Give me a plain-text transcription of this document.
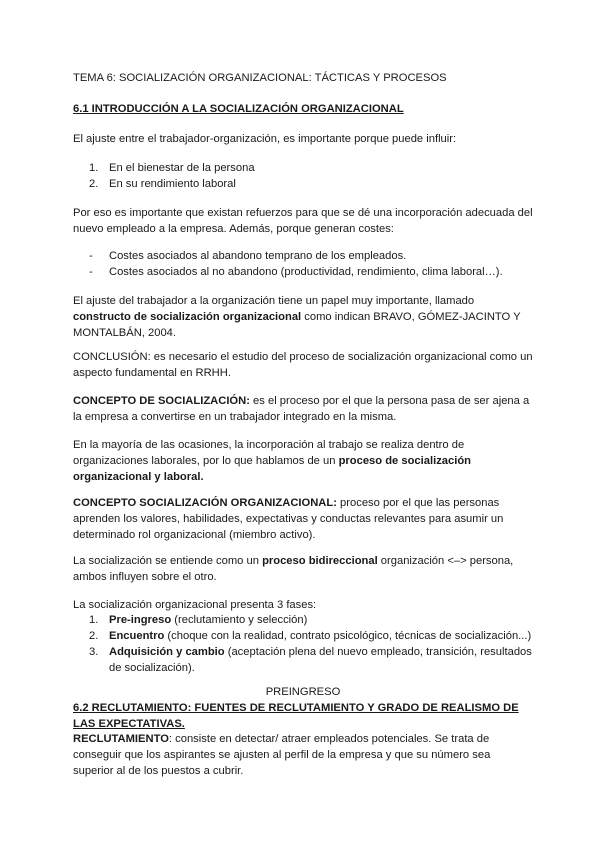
TEMA 6: SOCIALIZACIÓN ORGANIZACIONAL: TÁCTICAS Y PROCESOS

6.1 INTRODUCCIÓN A LA SOCIALIZACIÓN ORGANIZACIONAL

El ajuste entre el trabajador-organización, es importante porque puede influir:

1. En el bienestar de la persona
2. En su rendimiento laboral

Por eso es importante que existan refuerzos para que se dé una incorporación adecuada del nuevo empleado a la empresa. Además, porque generan costes:

- Costes asociados al abandono temprano de los empleados.
- Costes asociados al no abandono (productividad, rendimiento, clima laboral…).

El ajuste del trabajador a la organización tiene un papel muy importante, llamado constructo de socialización organizacional como indican BRAVO, GÓMEZ-JACINTO Y MONTALBÁN, 2004.

CONCLUSIÓN: es necesario el estudio del proceso de socialización organizacional como un aspecto fundamental en RRHH.

CONCEPTO DE SOCIALIZACIÓN: es el proceso por el que la persona pasa de ser ajena a la empresa a convertirse en un trabajador integrado en la misma.

En la mayoría de las ocasiones, la incorporación al trabajo se realiza dentro de organizaciones laborales, por lo que hablamos de un proceso de socialización organizacional y laboral.

CONCEPTO SOCIALIZACIÓN ORGANIZACIONAL: proceso por el que las personas aprenden los valores, habilidades, expectativas y conductas relevantes para asumir un determinado rol organizacional (miembro activo).

La socialización se entiende como un proceso bidireccional organización <–> persona, ambos influyen sobre el otro.

La socialización organizacional presenta 3 fases:

1. Pre-ingreso (reclutamiento y selección)
2. Encuentro (choque con la realidad, contrato psicológico, técnicas de socialización...)
3. Adquisición y cambio (aceptación plena del nuevo empleado, transición, resultados de socialización).

PREINGRESO

6.2 RECLUTAMIENTO: FUENTES DE RECLUTAMIENTO Y GRADO DE REALISMO DE LAS EXPECTATIVAS.

RECLUTAMIENTO: consiste en detectar/ atraer empleados potenciales. Se trata de conseguir que los aspirantes se ajusten al perfil de la empresa y que su número sea superior al de los puestos a cubrir.
